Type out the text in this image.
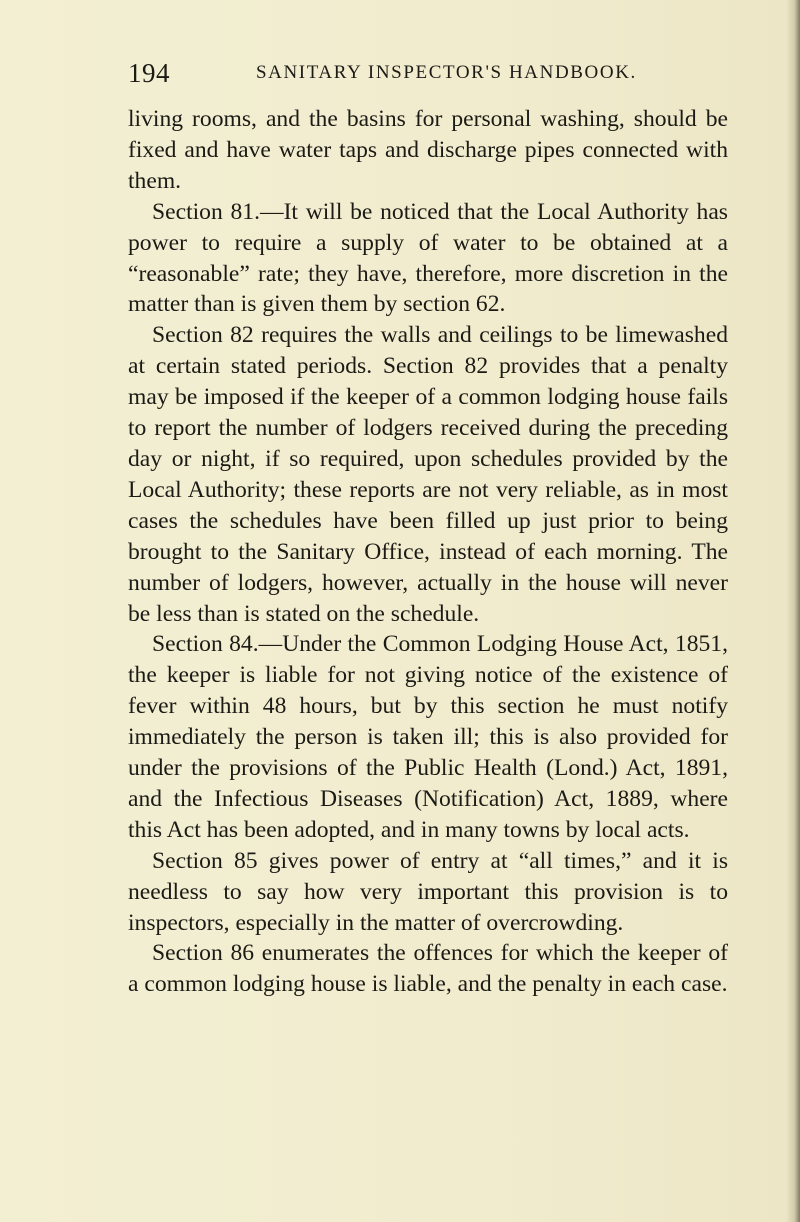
194	SANITARY INSPECTOR'S HANDBOOK.

living rooms, and the basins for personal washing, should be fixed and have water taps and discharge pipes connected with them.

Section 81.—It will be noticed that the Local Authority has power to require a supply of water to be obtained at a “reasonable” rate; they have, therefore, more discretion in the matter than is given them by section 62.

Section 82 requires the walls and ceilings to be limewashed at certain stated periods. Section 82 provides that a penalty may be imposed if the keeper of a common lodging house fails to report the number of lodgers received during the preceding day or night, if so required, upon schedules provided by the Local Authority; these reports are not very reliable, as in most cases the schedules have been filled up just prior to being brought to the Sanitary Office, instead of each morning. The number of lodgers, however, actually in the house will never be less than is stated on the schedule.

Section 84.—Under the Common Lodging House Act, 1851, the keeper is liable for not giving notice of the existence of fever within 48 hours, but by this section he must notify immediately the person is taken ill; this is also provided for under the provisions of the Public Health (Lond.) Act, 1891, and the Infectious Diseases (Notification) Act, 1889, where this Act has been adopted, and in many towns by local acts.

Section 85 gives power of entry at “all times,” and it is needless to say how very important this provision is to inspectors, especially in the matter of overcrowding.

Section 86 enumerates the offences for which the keeper of a common lodging house is liable, and the penalty in each case.
